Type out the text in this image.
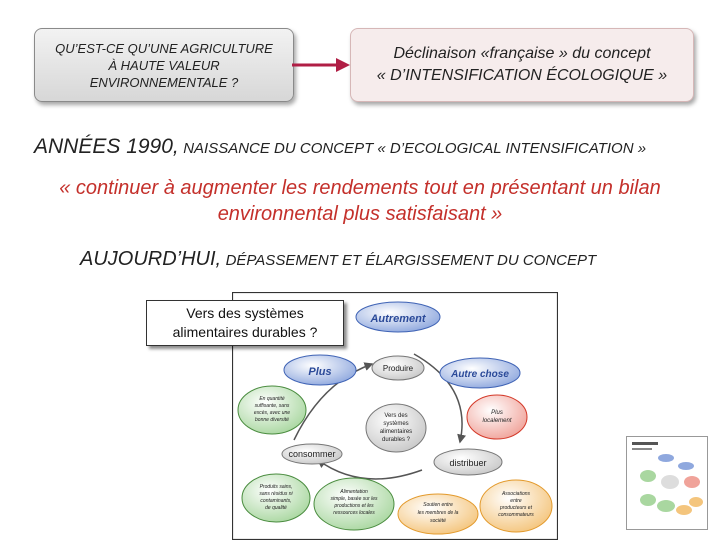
QU’EST-CE QU’UNE AGRICULTURE
À HAUTE VALEUR
ENVIRONNEMENTALE ?
Déclinaison «française » du concept
« D’INTENSIFICATION ÉCOLOGIQUE »
ANNÉES 1990, NAISSANCE DU CONCEPT « D’ECOLOGICAL INTENSIFICATION »
« continuer à augmenter les rendements tout en présentant un bilan
environnental plus satisfaisant »
AUJOURD’HUI, DÉPASSEMENT ET ÉLARGISSEMENT DU CONCEPT
Autrement
Plus	Produire
Autre chose
Vers des
systèmes
alimentaires
durables ?
En quantité
suffisante, sans
excès, avec une
bonne diversité
Plus
localement
consommer
distribuer
Produits sains,
sans résidus ni
contaminants,
de qualité
Alimentation
simple, basée sur les
productions et les
ressources locales
Soutien entre
les membres de la
société
Associations
entre
producteurs et
consommateurs
Vers des systèmes
alimentaires durables ?
